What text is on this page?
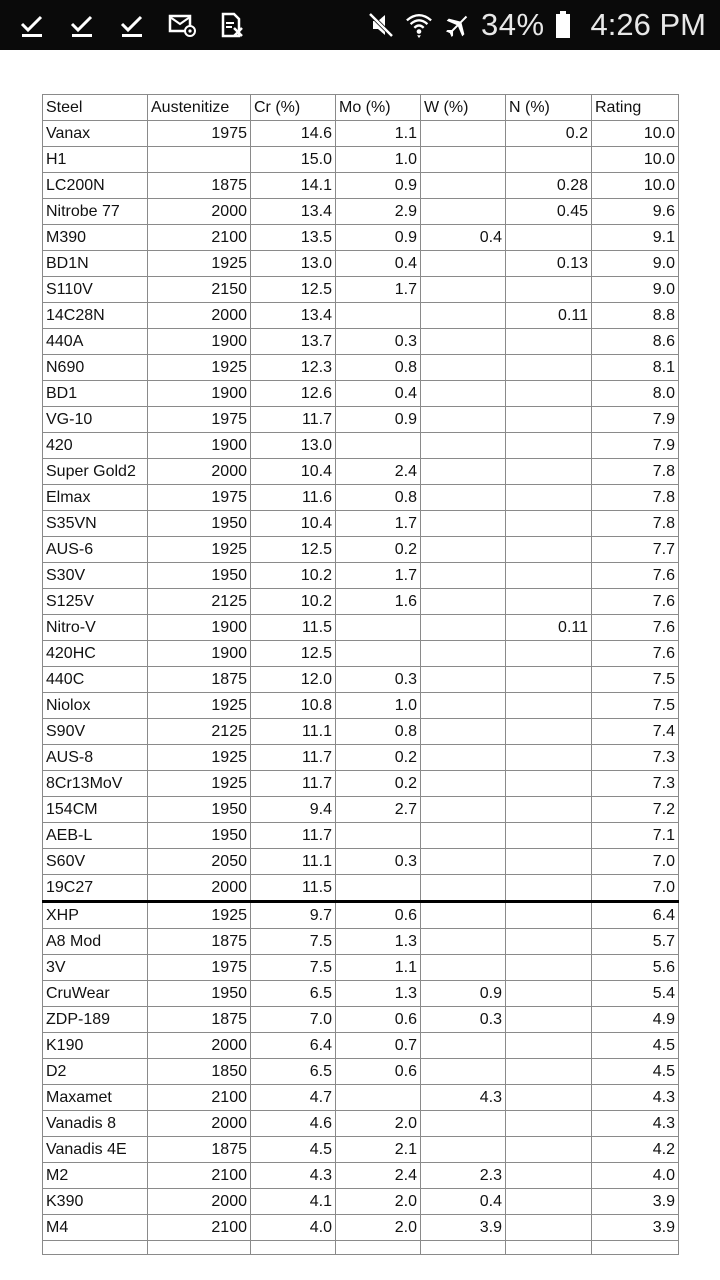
34% 4:26 PM
Steel	Austenitize	Cr (%)	Mo (%)	W (%)	N (%)	Rating
Vanax	1975	14.6	1.1		0.2	10.0
H1		15.0	1.0			10.0
LC200N	1875	14.1	0.9		0.28	10.0
Nitrobe 77	2000	13.4	2.9		0.45	9.6
M390	2100	13.5	0.9	0.4		9.1
BD1N	1925	13.0	0.4		0.13	9.0
S110V	2150	12.5	1.7			9.0
14C28N	2000	13.4			0.11	8.8
440A	1900	13.7	0.3			8.6
N690	1925	12.3	0.8			8.1
BD1	1900	12.6	0.4			8.0
VG-10	1975	11.7	0.9			7.9
420	1900	13.0				7.9
Super Gold2	2000	10.4	2.4			7.8
Elmax	1975	11.6	0.8			7.8
S35VN	1950	10.4	1.7			7.8
AUS-6	1925	12.5	0.2			7.7
S30V	1950	10.2	1.7			7.6
S125V	2125	10.2	1.6			7.6
Nitro-V	1900	11.5			0.11	7.6
420HC	1900	12.5				7.6
440C	1875	12.0	0.3			7.5
Niolox	1925	10.8	1.0			7.5
S90V	2125	11.1	0.8			7.4
AUS-8	1925	11.7	0.2			7.3
8Cr13MoV	1925	11.7	0.2			7.3
154CM	1950	9.4	2.7			7.2
AEB-L	1950	11.7				7.1
S60V	2050	11.1	0.3			7.0
19C27	2000	11.5				7.0
XHP	1925	9.7	0.6			6.4
A8 Mod	1875	7.5	1.3			5.7
3V	1975	7.5	1.1			5.6
CruWear	1950	6.5	1.3	0.9		5.4
ZDP-189	1875	7.0	0.6	0.3		4.9
K190	2000	6.4	0.7			4.5
D2	1850	6.5	0.6			4.5
Maxamet	2100	4.7		4.3		4.3
Vanadis 8	2000	4.6	2.0			4.3
Vanadis 4E	1875	4.5	2.1			4.2
M2	2100	4.3	2.4	2.3		4.0
K390	2000	4.1	2.0	0.4		3.9
M4	2100	4.0	2.0	3.9		3.9
